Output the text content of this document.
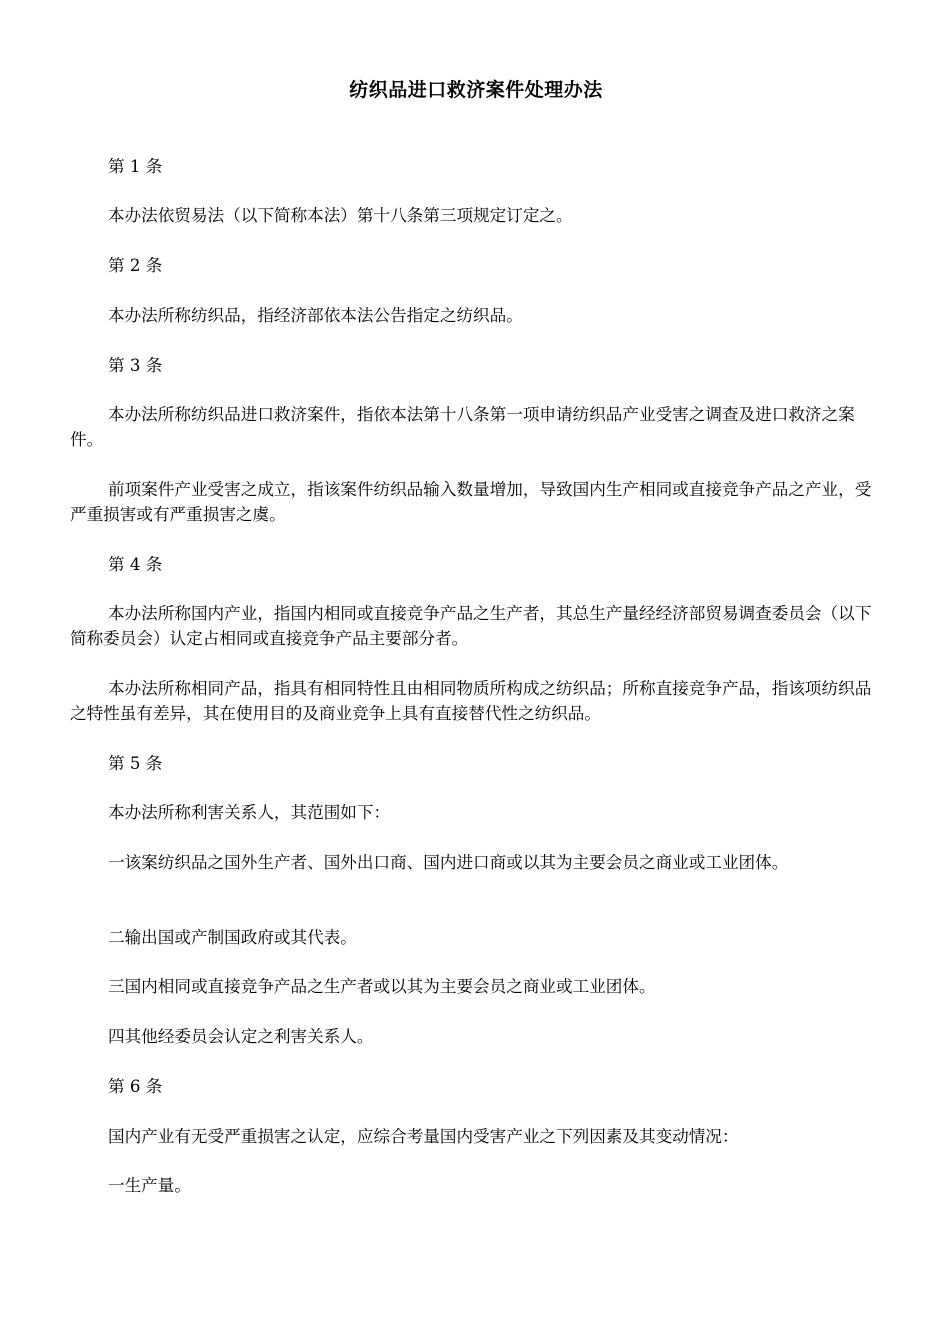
纺织品进口救济案件处理办法

第 1 条

本办法依贸易法（以下简称本法）第十八条第三项规定订定之。

第 2 条

本办法所称纺织品，指经济部依本法公告指定之纺织品。

第 3 条

本办法所称纺织品进口救济案件，指依本法第十八条第一项申请纺织品产业受害之调查及进口救济之案件。

前项案件产业受害之成立，指该案件纺织品输入数量增加，导致国内生产相同或直接竞争产品之产业，受严重损害或有严重损害之虞。

第 4 条

本办法所称国内产业，指国内相同或直接竞争产品之生产者，其总生产量经经济部贸易调查委员会（以下简称委员会）认定占相同或直接竞争产品主要部分者。

本办法所称相同产品，指具有相同特性且由相同物质所构成之纺织品；所称直接竞争产品，指该项纺织品之特性虽有差异，其在使用目的及商业竞争上具有直接替代性之纺织品。

第 5 条

本办法所称利害关系人，其范围如下：

一该案纺织品之国外生产者、国外出口商、国内进口商或以其为主要会员之商业或工业团体。

二输出国或产制国政府或其代表。

三国内相同或直接竞争产品之生产者或以其为主要会员之商业或工业团体。

四其他经委员会认定之利害关系人。

第 6 条

国内产业有无受严重损害之认定，应综合考量国内受害产业之下列因素及其变动情况：

一生产量。
